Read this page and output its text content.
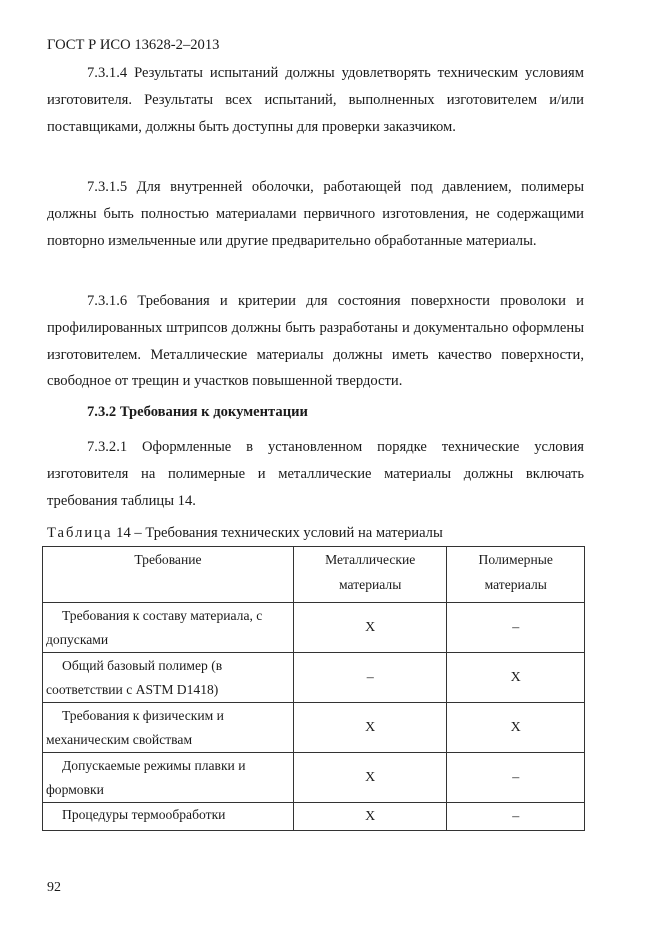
ГОСТ Р ИСО 13628-2–2013
7.3.1.4 Результаты испытаний должны удовлетворять техническим условиям изготовителя. Результаты всех испытаний, выполненных изготовителем и/или поставщиками, должны быть доступны для проверки заказчиком.
7.3.1.5 Для внутренней оболочки, работающей под давлением, полимеры должны быть полностью материалами первичного изготовления, не содержащими повторно измельченные или другие предварительно обработанные материалы.
7.3.1.6 Требования и критерии для состояния поверхности проволоки и профилированных штрипсов должны быть разработаны и документально оформлены изготовителем. Металлические материалы должны иметь качество поверхности, свободное от трещин и участков повышенной твердости.
7.3.2 Требования к документации
7.3.2.1 Оформленные в установленном порядке технические условия изготовителя на полимерные и металлические материалы должны включать требования таблицы 14.
Таблица 14 – Требования технических условий на материалы
Требование	Металлические материалы	Полимерные материалы

Требования к составу материала, с
допусками	X	–

Общий базовый полимер (в
соответствии с ASTM D1418)	–	X

Требования к физическим и
механическим свойствам	X	X

Допускаемые режимы плавки и
формовки	X	–

Процедуры термообработки	X	–
92
